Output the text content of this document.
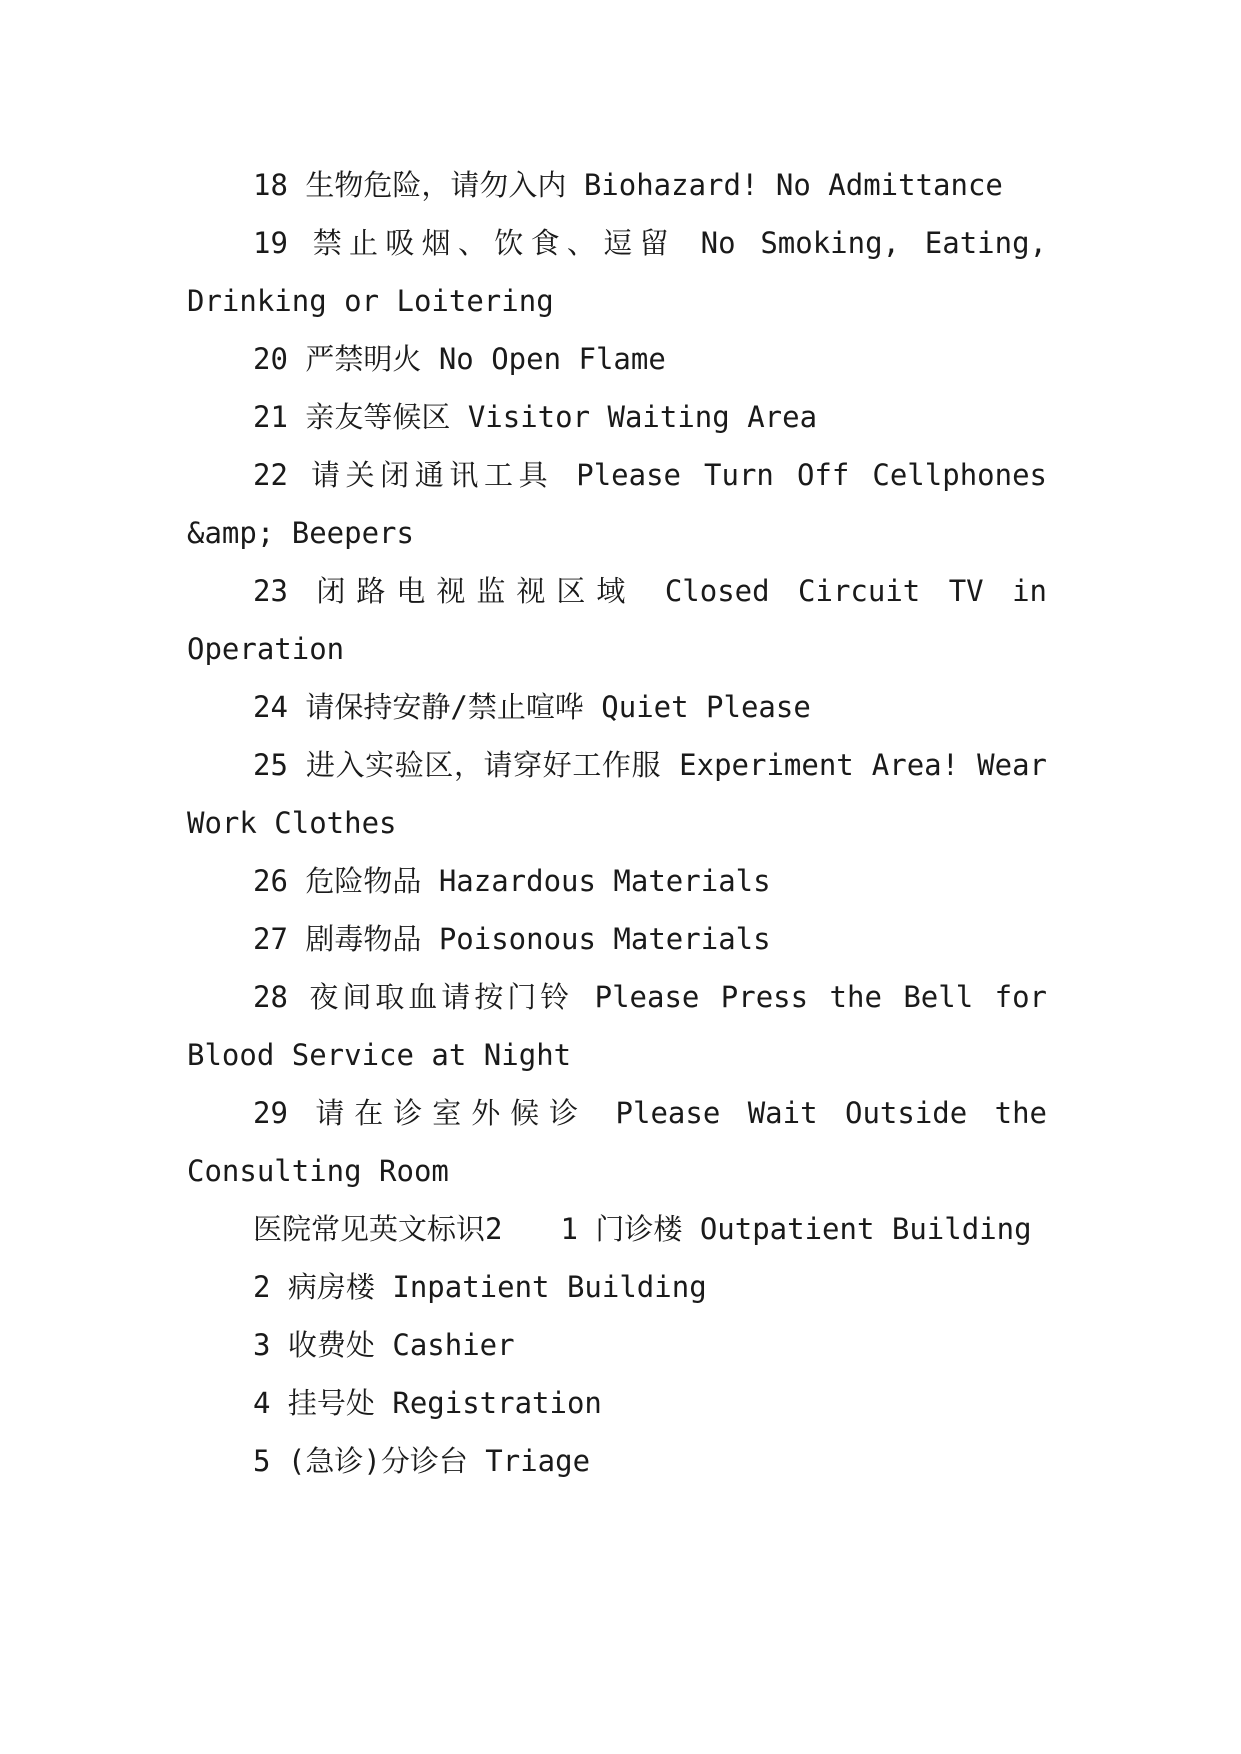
18 生物危险，请勿入内 Biohazard! No Admittance

19 禁止吸烟、饮食、逗留 No Smoking, Eating, Drinking or Loitering

20 严禁明火 No Open Flame

21 亲友等候区 Visitor Waiting Area

22 请关闭通讯工具 Please Turn Off Cellphones &amp; Beepers

23 闭路电视监视区域 Closed Circuit TV in Operation

24 请保持安静/禁止喧哗 Quiet Please

25 进入实验区，请穿好工作服 Experiment Area! Wear Work Clothes

26 危险物品 Hazardous Materials

27 剧毒物品 Poisonous Materials

28 夜间取血请按门铃 Please Press the Bell for Blood Service at Night

29 请在诊室外候诊 Please Wait Outside the Consulting Room

医院常见英文标识2　　1 门诊楼 Outpatient Building

2 病房楼 Inpatient Building

3 收费处 Cashier

4 挂号处 Registration

5 (急诊)分诊台 Triage
